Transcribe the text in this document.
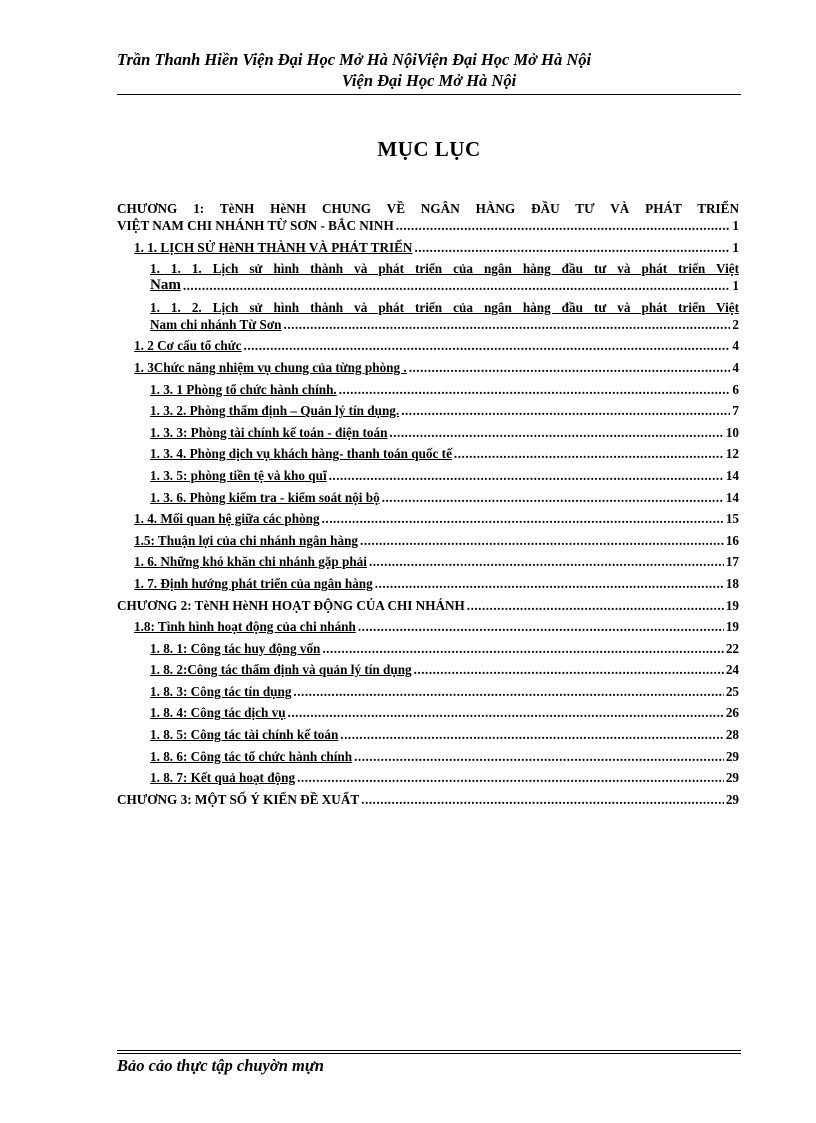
Trần Thanh Hiền Viện Đại Học Mở Hà NộiViện Đại Học Mở Hà Nội
Viện Đại Học Mở Hà Nội
MỤC LỤC
CHƯƠNG 1: TèNH HèNH CHUNG VỀ NGÂN HÀNG ĐẦU TƯ VÀ PHÁT TRIỂN
VIỆT NAM CHI NHÁNH TỪ SƠN - BẮC NINH .....	1
1. 1. LỊCH SỬ HèNH THÀNH VÀ PHÁT TRIỂN .....	1
1. 1. 1. Lịch sử hình thành và phát triển của ngân hàng đầu tư và phát triển Việt
Nam .....	1
1. 1. 2. Lịch sử hình thành và phát triển của ngân hàng đầu tư và phát triển Việt
Nam chi nhánh Từ Sơn .....	2
1. 2 Cơ cấu tổ chức .....	4
1. 3Chức năng nhiệm vụ chung của từng phòng . .....	4
1. 3. 1 Phòng tổ chức hành chính. .....	6
1. 3. 2. Phòng thẩm định – Quản lý tín dụng. .....	7
1. 3. 3: Phòng tài chính kế toán - điện toán .....	10
1. 3. 4. Phòng dịch vụ khách hàng- thanh toán quốc tế .....	12
1. 3. 5: phòng tiền tệ và kho quĩ .....	14
1. 3. 6. Phòng kiểm tra - kiểm soát nội bộ .....	14
1. 4. Mối quan hệ giữa các phòng .....	15
1.5: Thuận lợi của chi nhánh ngân hàng .....	16
1. 6. Những khó khăn chi nhánh gặp phải .....	17
1. 7. Định hướng phát triển của ngân hàng .....	18
CHƯƠNG 2: TèNH HèNH HOẠT ĐỘNG CỦA CHI NHÁNH .....	19
1.8: Tình hình hoạt động của chi nhánh .....	19
1. 8. 1: Công tác huy động vốn .....	22
1. 8. 2:Công tác thẩm định và quản lý tín dụng .....	24
1. 8. 3: Công tác tín dụng .....	25
1. 8. 4: Công tác dịch vụ .....	26
1. 8. 5: Công tác tài chính kế toán .....	28
1. 8. 6: Công tác tổ chức hành chính .....	29
1. 8. 7: Kết quả hoạt động .....	29
CHƯƠNG 3: MỘT SỐ Ý KIẾN ĐỀ XUẤT .....	29
Bảo cảo thực tập chuyờn mựn
